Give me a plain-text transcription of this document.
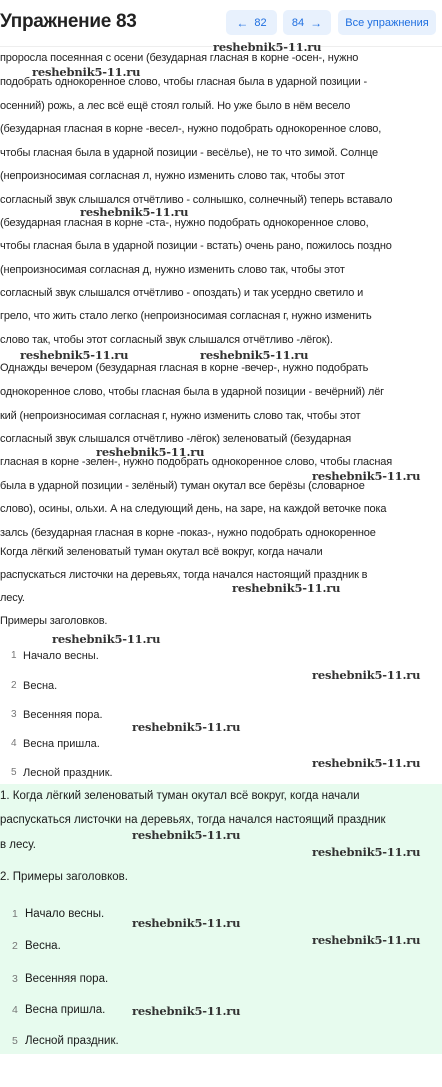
Упражнение 83	← 82 84 → Все упражнения
проросла посеянная с осени (безударная гласная в корне -осен-, нужно
подобрать однокоренное слово, чтобы гласная была в ударной позиции -
осенний) рожь, а лес всё ещё стоял голый. Но уже было в нём весело
(безударная гласная в корне -весел-, нужно подобрать однокоренное слово,
чтобы гласная была в ударной позиции - весёлье), не то что зимой. Солнце
(непроизносимая согласная л, нужно изменить слово так, чтобы этот
согласный звук слышался отчётливо - солнышко, солнечный) теперь вставало
(безударная гласная в корне -ста-, нужно подобрать однокоренное слово,
чтобы гласная была в ударной позиции - встать) очень рано, пожилось поздно
(непроизносимая согласная д, нужно изменить слово так, чтобы этот
согласный звук слышался отчётливо - опоздать) и так усердно светило и
грело, что жить стало легко (непроизносимая согласная г, нужно изменить
слово так, чтобы этот согласный звук слышался отчётливо -лёгок).
Однажды вечером (безударная гласная в корне -вечер-, нужно подобрать
однокоренное слово, чтобы гласная была в ударной позиции - вечёрний) лёг
кий (непроизносимая согласная г, нужно изменить слово так, чтобы этот
согласный звук слышался отчётливо -лёгок) зеленоватый (безударная
гласная в корне -зелен-, нужно подобрать однокоренное слово, чтобы гласная
была в ударной позиции - зелёный) туман окутал все берёзы (словарное
слово), осины, ольхи. А на следующий день, на заре, на каждой веточке пока
залсь (безударная гласная в корне -показ-, нужно подобрать однокоренное
Когда лёгкий зеленоватый туман окутал всё вокруг, когда начали
распускаться листочки на деревьях, тогда начался настоящий праздник в
лесу.
Примеры заголовков.
1 Начало весны.
2 Весна.
3 Весенняя пора.
4 Весна пришла.
5 Лесной праздник.
1. Когда лёгкий зеленоватый туман окутал всё вокруг, когда начали
распускаться листочки на деревьях, тогда начался настоящий праздник
в лесу.
2. Примеры заголовков.
1 Начало весны.
2 Весна.
3 Весенняя пора.
4 Весна пришла.
5 Лесной праздник.
reshebnik5-11.ru
reshebnik5-11.ru
reshebnik5-11.ru
reshebnik5-11.ru	reshebnik5-11.ru
reshebnik5-11.ru
reshebnik5-11.ru
reshebnik5-11.ru
reshebnik5-11.ru
reshebnik5-11.ru
reshebnik5-11.ru
reshebnik5-11.ru
reshebnik5-11.ru
reshebnik5-11.ru
reshebnik5-11.ru
reshebnik5-11.ru
reshebnik5-11.ru
